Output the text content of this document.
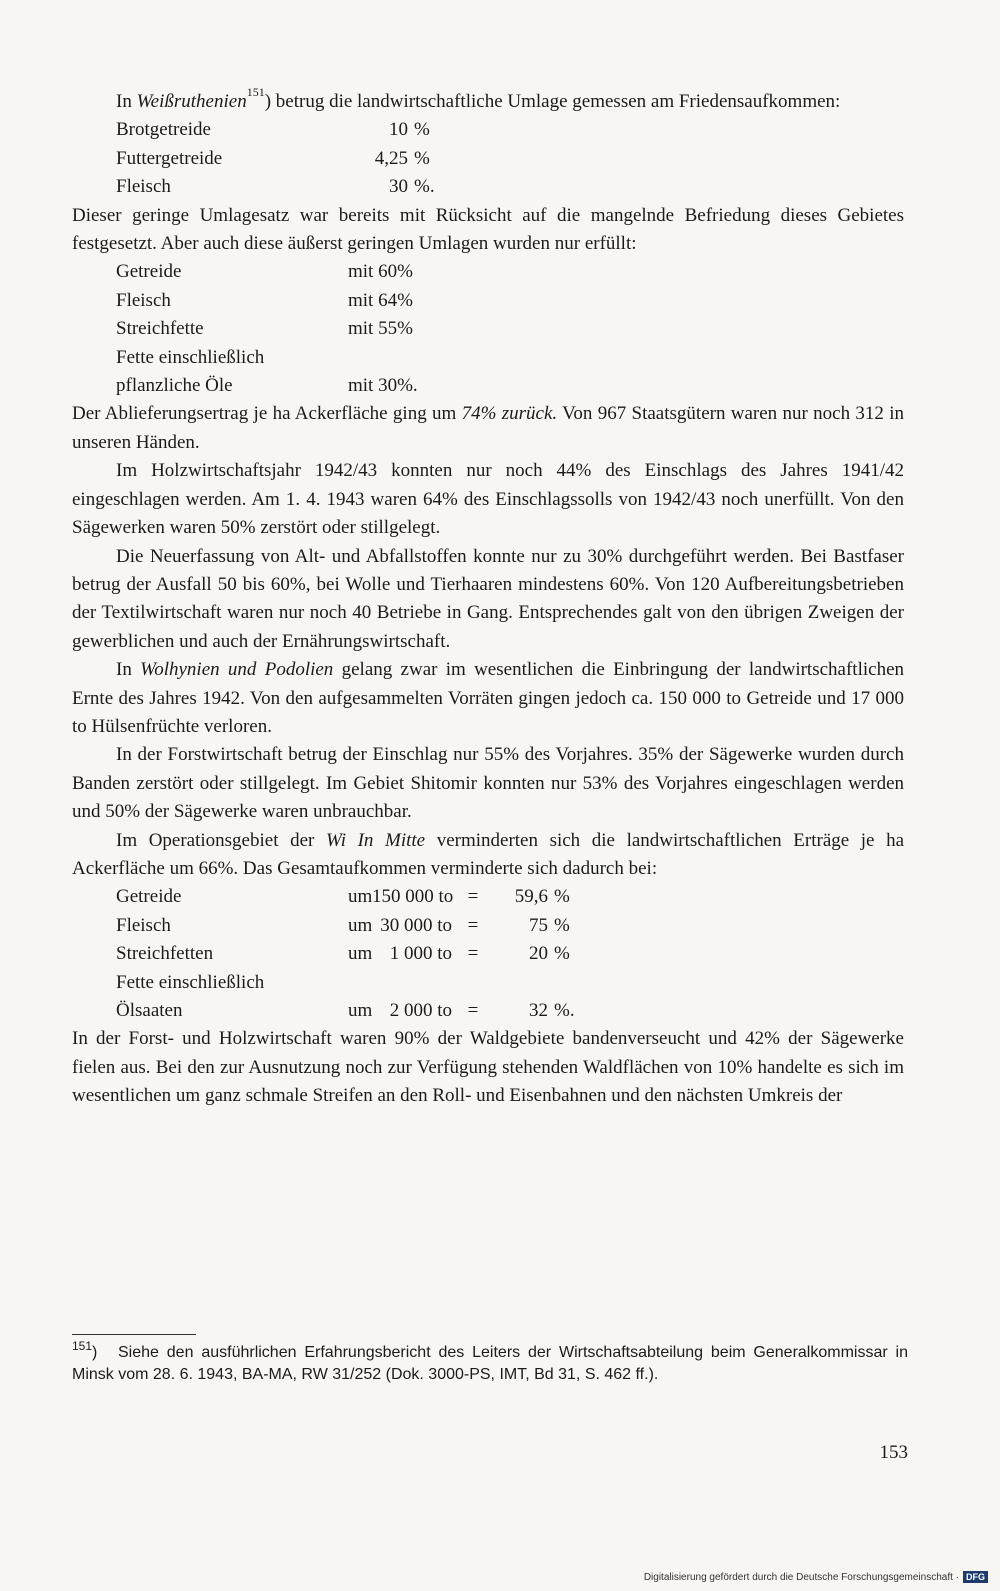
In Weißruthenien$^{151}$) betrug die landwirtschaftliche Umlage gemessen am Friedensaufkommen:

Brotgetreide	10 %
Futtergetreide	4,25 %
Fleisch	30 %.

Dieser geringe Umlagesatz war bereits mit Rücksicht auf die mangelnde Befriedung dieses Gebietes festgesetzt. Aber auch diese äußerst geringen Umlagen wurden nur erfüllt:

Getreide	mit 60%
Fleisch	mit 64%
Streichfette	mit 55%
Fette einschließlich
pflanzliche Öle	mit 30%.

Der Ablieferungsertrag je ha Ackerfläche ging um 74% zurück. Von 967 Staatsgütern waren nur noch 312 in unseren Händen.

Im Holzwirtschaftsjahr 1942/43 konnten nur noch 44% des Einschlags des Jahres 1941/42 eingeschlagen werden. Am 1. 4. 1943 waren 64% des Einschlagssolls von 1942/43 noch unerfüllt. Von den Sägewerken waren 50% zerstört oder stillgelegt.

Die Neuerfassung von Alt- und Abfallstoffen konnte nur zu 30% durchgeführt werden. Bei Bastfaser betrug der Ausfall 50 bis 60%, bei Wolle und Tierhaaren mindestens 60%. Von 120 Aufbereitungsbetrieben der Textilwirtschaft waren nur noch 40 Betriebe in Gang. Entsprechendes galt von den übrigen Zweigen der gewerblichen und auch der Ernährungswirtschaft.

In Wolhynien und Podolien gelang zwar im wesentlichen die Einbringung der landwirtschaftlichen Ernte des Jahres 1942. Von den aufgesammelten Vorräten gingen jedoch ca. 150 000 to Getreide und 17 000 to Hülsenfrüchte verloren.

In der Forstwirtschaft betrug der Einschlag nur 55% des Vorjahres. 35% der Sägewerke wurden durch Banden zerstört oder stillgelegt. Im Gebiet Shitomir konnten nur 53% des Vorjahres eingeschlagen werden und 50% der Sägewerke waren unbrauchbar.

Im Operationsgebiet der Wi In Mitte verminderten sich die landwirtschaftlichen Erträge je ha Ackerfläche um 66%. Das Gesamtaufkommen verminderte sich dadurch bei:

Getreide	um 150 000 to =	59,6 %
Fleisch	um 30 000 to =	75 %
Streichfetten	um 1 000 to =	20 %
Fette einschließlich
Ölsaaten	um 2 000 to =	32 %.

In der Forst- und Holzwirtschaft waren 90% der Waldgebiete bandenverseucht und 42% der Sägewerke fielen aus. Bei den zur Ausnutzung noch zur Verfügung stehenden Waldflächen von 10% handelte es sich im wesentlichen um ganz schmale Streifen an den Roll- und Eisenbahnen und den nächsten Umkreis der

$^{151}$) Siehe den ausführlichen Erfahrungsbericht des Leiters der Wirtschaftsabteilung beim Generalkommissar in Minsk vom 28. 6. 1943, BA-MA, RW 31/252 (Dok. 3000-PS, IMT, Bd 31, S. 462 ff.).
153
Digitalisierung gefördert durch die Deutsche Forschungsgemeinschaft · DFG
